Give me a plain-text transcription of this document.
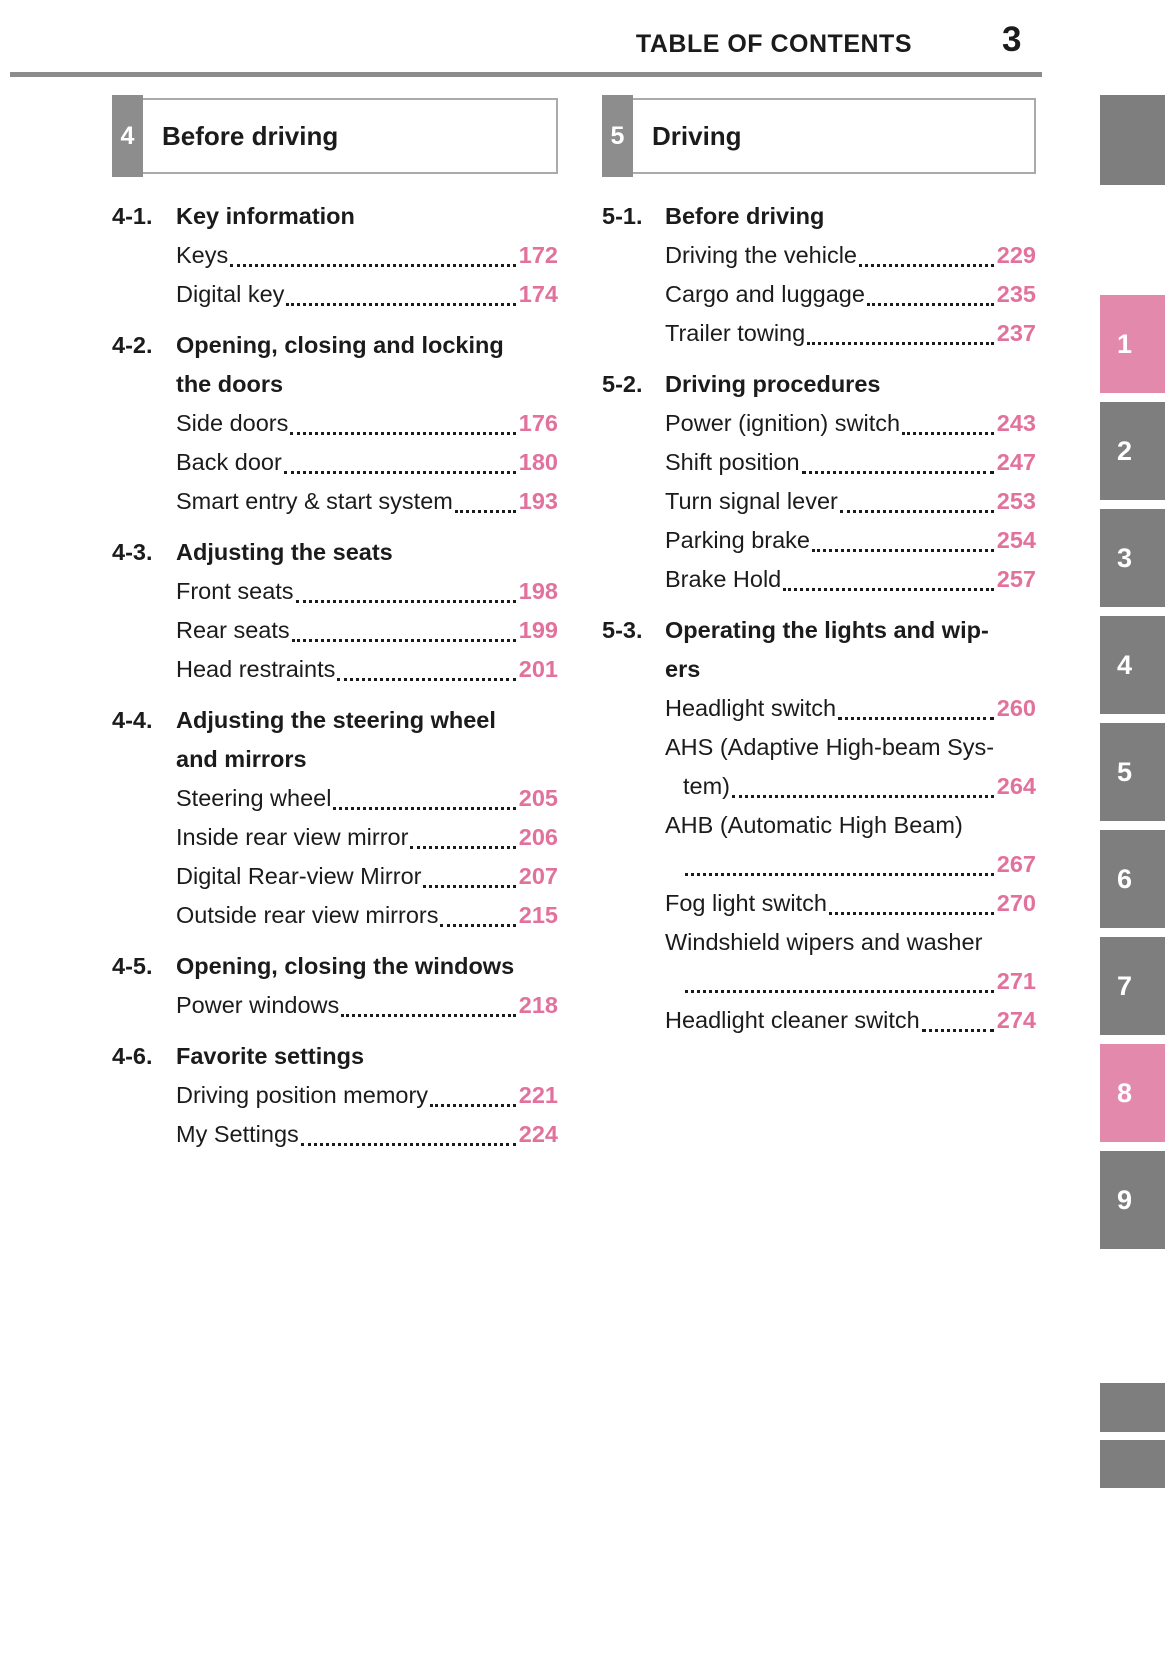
TABLE OF CONTENTS	3
4	Before driving
4-1.	Key information
Keys	172
Digital key	174
4-2.	Opening, closing and locking
the doors
Side doors	176
Back door	180
Smart entry & start system	193
4-3.	Adjusting the seats
Front seats	198
Rear seats	199
Head restraints	201
4-4.	Adjusting the steering wheel
and mirrors
Steering wheel	205
Inside rear view mirror	206
Digital Rear-view Mirror	207
Outside rear view mirrors	215
4-5.	Opening, closing the windows
Power windows	218
4-6.	Favorite settings
Driving position memory	221
My Settings	224
5	Driving
5-1. Before driving
Driving the vehicle	229
Cargo and luggage	235
Trailer towing	237
5-2. Driving procedures
Power (ignition) switch	243
Shift position	247
Turn signal lever	253
Parking brake	254
Brake Hold	257
5-3. Operating the lights and wip-
ers
Headlight switch	260
AHS (Adaptive High-beam Sys-
tem)	264
AHB (Automatic High Beam)
267
Fog light switch	270
Windshield wipers and washer
271
Headlight cleaner switch	274
1
2
3
4
5
6
7
8
9
